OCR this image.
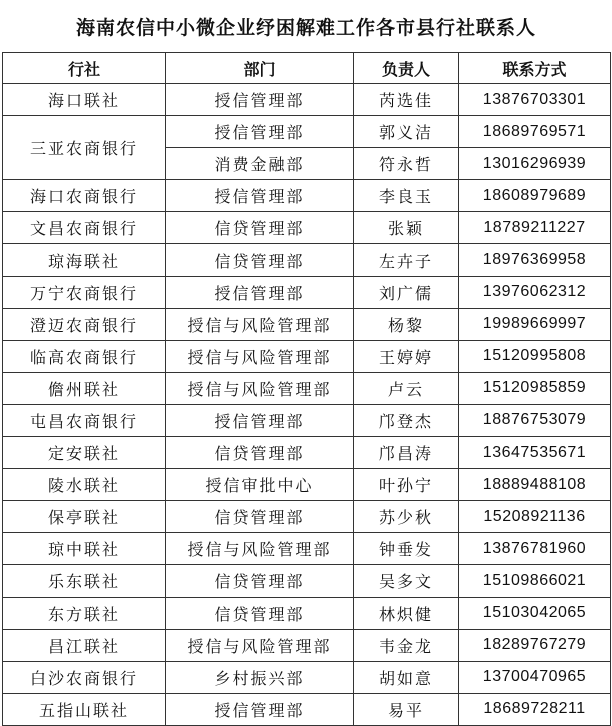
海南农信中小微企业纾困解难工作各市县行社联系人
行社	部门	负责人	联系方式
海口联社	授信管理部	芮选佳	13876703301
三亚农商银行	授信管理部	郭义洁	18689769571
	消费金融部	符永哲	13016296939
海口农商银行	授信管理部	李良玉	18608979689
文昌农商银行	信贷管理部	张颖	18789211227
琼海联社	信贷管理部	左卉子	18976369958
万宁农商银行	授信管理部	刘广儒	13976062312
澄迈农商银行	授信与风险管理部	杨黎	19989669997
临高农商银行	授信与风险管理部	王婷婷	15120995808
儋州联社	授信与风险管理部	卢云	15120985859
屯昌农商银行	授信管理部	邝登杰	18876753079
定安联社	信贷管理部	邝昌涛	13647535671
陵水联社	授信审批中心	叶孙宁	18889488108
保亭联社	信贷管理部	苏少秋	15208921136
琼中联社	授信与风险管理部	钟垂发	13876781960
乐东联社	信贷管理部	吴多文	15109866021
东方联社	信贷管理部	林炽健	15103042065
昌江联社	授信与风险管理部	韦金龙	18289767279
白沙农商银行	乡村振兴部	胡如意	13700470965
五指山联社	授信管理部	易平	18689728211
